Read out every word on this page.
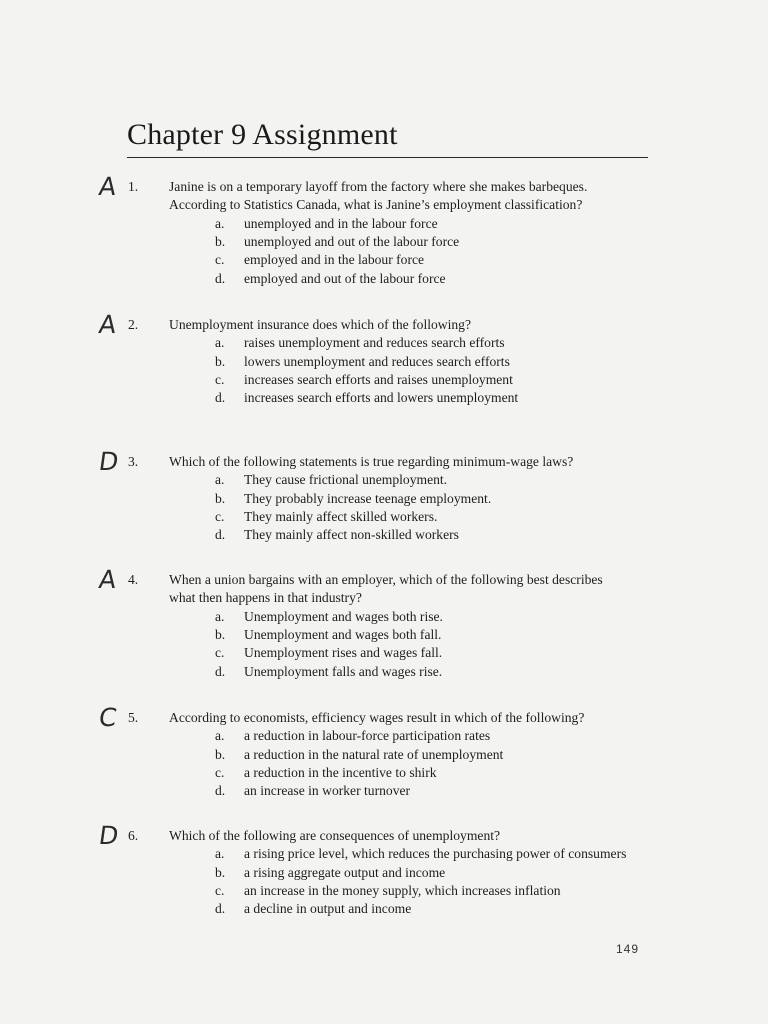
Chapter 9 Assignment
A 1. Janine is on a temporary layoff from the factory where she makes barbeques.
According to Statistics Canada, what is Janine’s employment classification?
a. unemployed and in the labour force
b. unemployed and out of the labour force
c. employed and in the labour force
d. employed and out of the labour force
A 2. Unemployment insurance does which of the following?
a. raises unemployment and reduces search efforts
b. lowers unemployment and reduces search efforts
c. increases search efforts and raises unemployment
d. increases search efforts and lowers unemployment
D 3. Which of the following statements is true regarding minimum-wage laws?
a. They cause frictional unemployment.
b. They probably increase teenage employment.
c. They mainly affect skilled workers.
d. They mainly affect non-skilled workers
A 4. When a union bargains with an employer, which of the following best describes
what then happens in that industry?
a. Unemployment and wages both rise.
b. Unemployment and wages both fall.
c. Unemployment rises and wages fall.
d. Unemployment falls and wages rise.
C 5. According to economists, efficiency wages result in which of the following?
a. a reduction in labour-force participation rates
b. a reduction in the natural rate of unemployment
c. a reduction in the incentive to shirk
d. an increase in worker turnover
D 6. Which of the following are consequences of unemployment?
a. a rising price level, which reduces the purchasing power of consumers
b. a rising aggregate output and income
c. an increase in the money supply, which increases inflation
d. a decline in output and income
149
